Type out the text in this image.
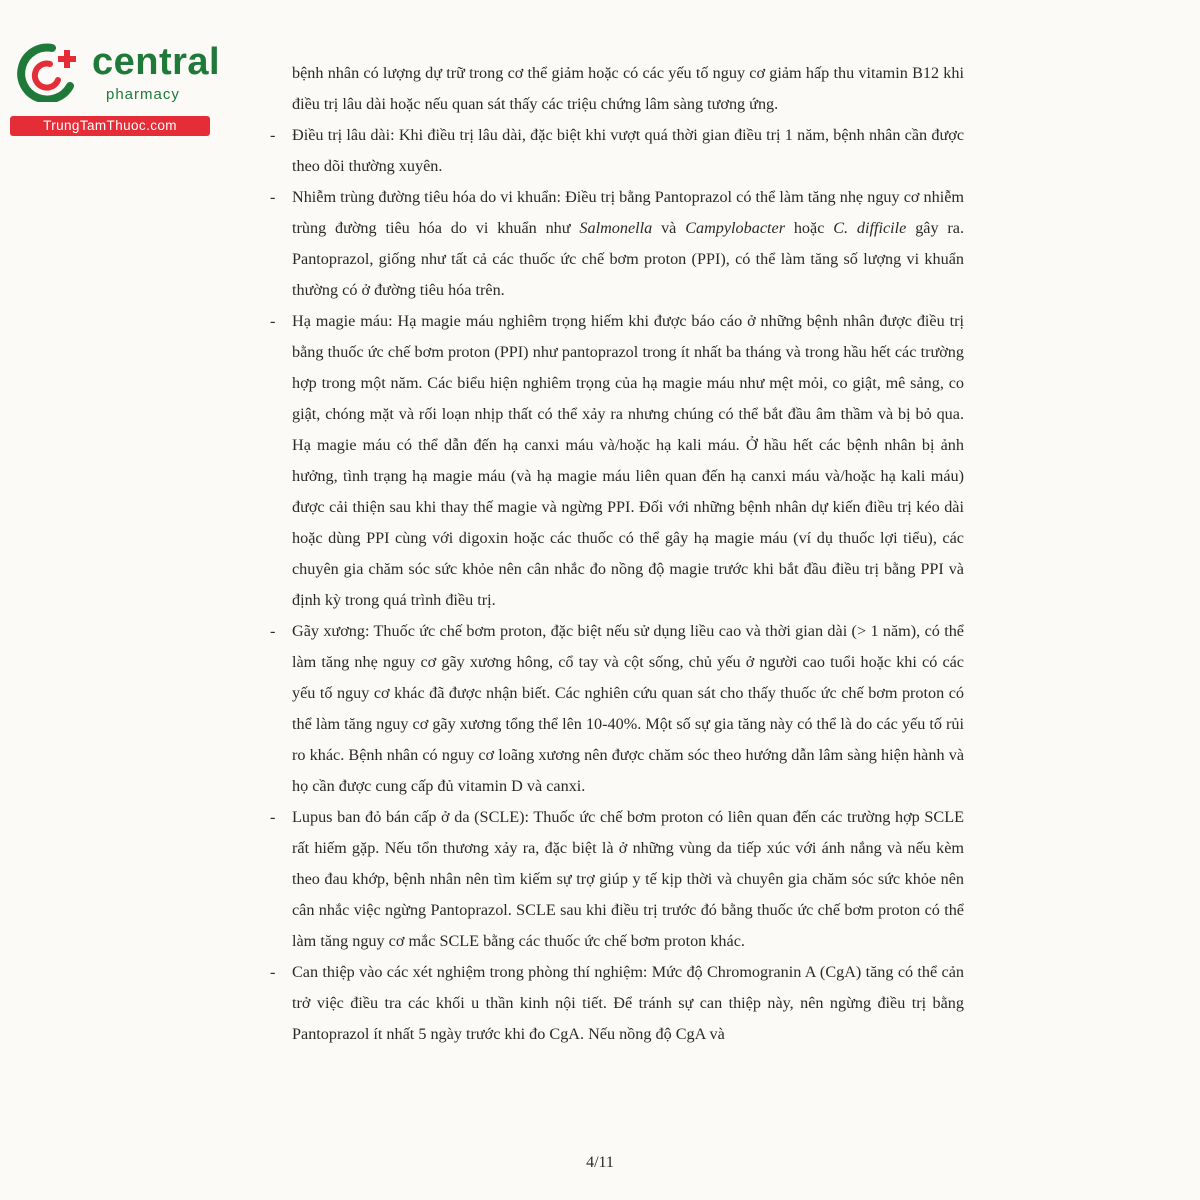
central
pharmacy
TrungTamThuoc.com

bệnh nhân có lượng dự trữ trong cơ thể giảm hoặc có các yếu tố nguy cơ giảm hấp thu vitamin B12 khi điều trị lâu dài hoặc nếu quan sát thấy các triệu chứng lâm sàng tương ứng.

- Điều trị lâu dài: Khi điều trị lâu dài, đặc biệt khi vượt quá thời gian điều trị 1 năm, bệnh nhân cần được theo dõi thường xuyên.

- Nhiễm trùng đường tiêu hóa do vi khuẩn: Điều trị bằng Pantoprazol có thể làm tăng nhẹ nguy cơ nhiễm trùng đường tiêu hóa do vi khuẩn như Salmonella và Campylobacter hoặc C. difficile gây ra. Pantoprazol, giống như tất cả các thuốc ức chế bơm proton (PPI), có thể làm tăng số lượng vi khuẩn thường có ở đường tiêu hóa trên.

- Hạ magie máu: Hạ magie máu nghiêm trọng hiếm khi được báo cáo ở những bệnh nhân được điều trị bằng thuốc ức chế bơm proton (PPI) như pantoprazol trong ít nhất ba tháng và trong hầu hết các trường hợp trong một năm. Các biểu hiện nghiêm trọng của hạ magie máu như mệt mỏi, co giật, mê sảng, co giật, chóng mặt và rối loạn nhịp thất có thể xảy ra nhưng chúng có thể bắt đầu âm thầm và bị bỏ qua. Hạ magie máu có thể dẫn đến hạ canxi máu và/hoặc hạ kali máu. Ở hầu hết các bệnh nhân bị ảnh hưởng, tình trạng hạ magie máu (và hạ magie máu liên quan đến hạ canxi máu và/hoặc hạ kali máu) được cải thiện sau khi thay thế magie và ngừng PPI. Đối với những bệnh nhân dự kiến điều trị kéo dài hoặc dùng PPI cùng với digoxin hoặc các thuốc có thể gây hạ magie máu (ví dụ thuốc lợi tiểu), các chuyên gia chăm sóc sức khỏe nên cân nhắc đo nồng độ magie trước khi bắt đầu điều trị bằng PPI và định kỳ trong quá trình điều trị.

- Gãy xương: Thuốc ức chế bơm proton, đặc biệt nếu sử dụng liều cao và thời gian dài (> 1 năm), có thể làm tăng nhẹ nguy cơ gãy xương hông, cổ tay và cột sống, chủ yếu ở người cao tuổi hoặc khi có các yếu tố nguy cơ khác đã được nhận biết. Các nghiên cứu quan sát cho thấy thuốc ức chế bơm proton có thể làm tăng nguy cơ gãy xương tổng thể lên 10-40%. Một số sự gia tăng này có thể là do các yếu tố rủi ro khác. Bệnh nhân có nguy cơ loãng xương nên được chăm sóc theo hướng dẫn lâm sàng hiện hành và họ cần được cung cấp đủ vitamin D và canxi.

- Lupus ban đỏ bán cấp ở da (SCLE): Thuốc ức chế bơm proton có liên quan đến các trường hợp SCLE rất hiếm gặp. Nếu tổn thương xảy ra, đặc biệt là ở những vùng da tiếp xúc với ánh nắng và nếu kèm theo đau khớp, bệnh nhân nên tìm kiếm sự trợ giúp y tế kịp thời và chuyên gia chăm sóc sức khỏe nên cân nhắc việc ngừng Pantoprazol. SCLE sau khi điều trị trước đó bằng thuốc ức chế bơm proton có thể làm tăng nguy cơ mắc SCLE bằng các thuốc ức chế bơm proton khác.

- Can thiệp vào các xét nghiệm trong phòng thí nghiệm: Mức độ Chromogranin A (CgA) tăng có thể cản trở việc điều tra các khối u thần kinh nội tiết. Để tránh sự can thiệp này, nên ngừng điều trị bằng Pantoprazol ít nhất 5 ngày trước khi đo CgA. Nếu nồng độ CgA và

4/11
